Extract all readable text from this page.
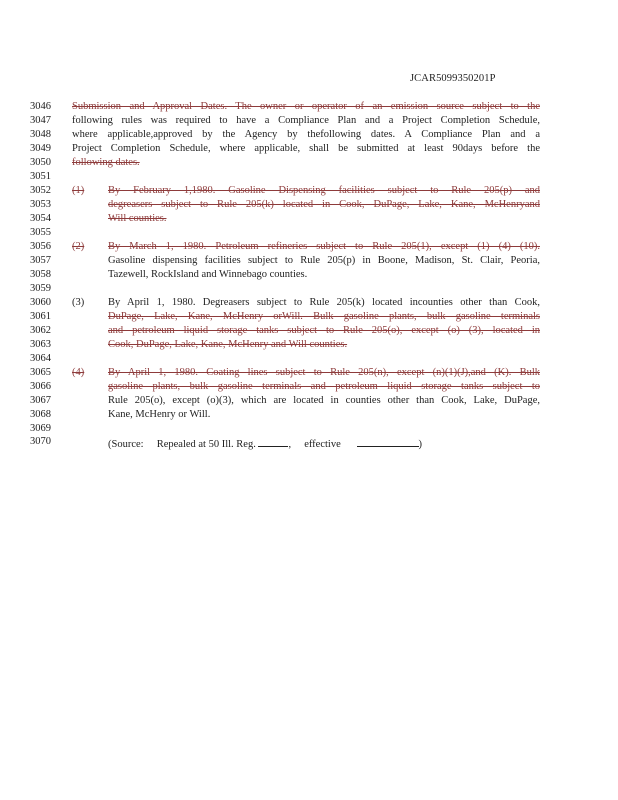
JCAR5099350201P
3046	Submission and Approval Dates. The owner or operator of an emission source subject to the
3047	following rules was required to have a Compliance Plan and a Project Completion Schedule,
3048	where applicable,approved by the Agency by thefollowing dates. A Compliance Plan and a
3049	Project Completion Schedule, where applicable, shall be submitted at least 90days before the
3050	following dates.
3051
3052	(1)	By February 1,1980. Gasoline Dispensing facilities subject to Rule 205(p) and
3053	degreasers subject to Rule 205(k) located in Cook, DuPage, Lake, Kane, McHenryand
3054	Will counties.
3055
3056	(2)	By March 1, 1980. Petroleum refineries subject to Rule 205(1), except (1) (4) (10).
3057	Gasoline dispensing facilities subject to Rule 205(p) in Boone, Madison, St. Clair, Peoria,
3058	Tazewell, RockIsland and Winnebago counties.
3059
3060	(3)	By April 1, 1980. Degreasers subject to Rule 205(k) located incounties other than Cook,
3061	DuPage, Lake, Kane, McHenry orWill. Bulk gasoline plants, bulk gasoline terminals
3062	and petroleum liquid storage tanks subject to Rule 205(o), except (o) (3), located in
3063	Cook, DuPage, Lake, Kane, McHenry and Will counties.
3064
3065	(4)	By April 1, 1980. Coating lines subject to Rule 205(n), except (n)(1)(J),and (K). Bulk
3066	gasoline plants, bulk gasoline terminals and petroleum liquid storage tanks subject to
3067	Rule 205(o), except (o)(3), which are located in counties other than Cook, Lake, DuPage,
3068	Kane, McHenry or Will.
3069
3070	(Source: Repealed at 50 Ill. Reg.	, effective	)
